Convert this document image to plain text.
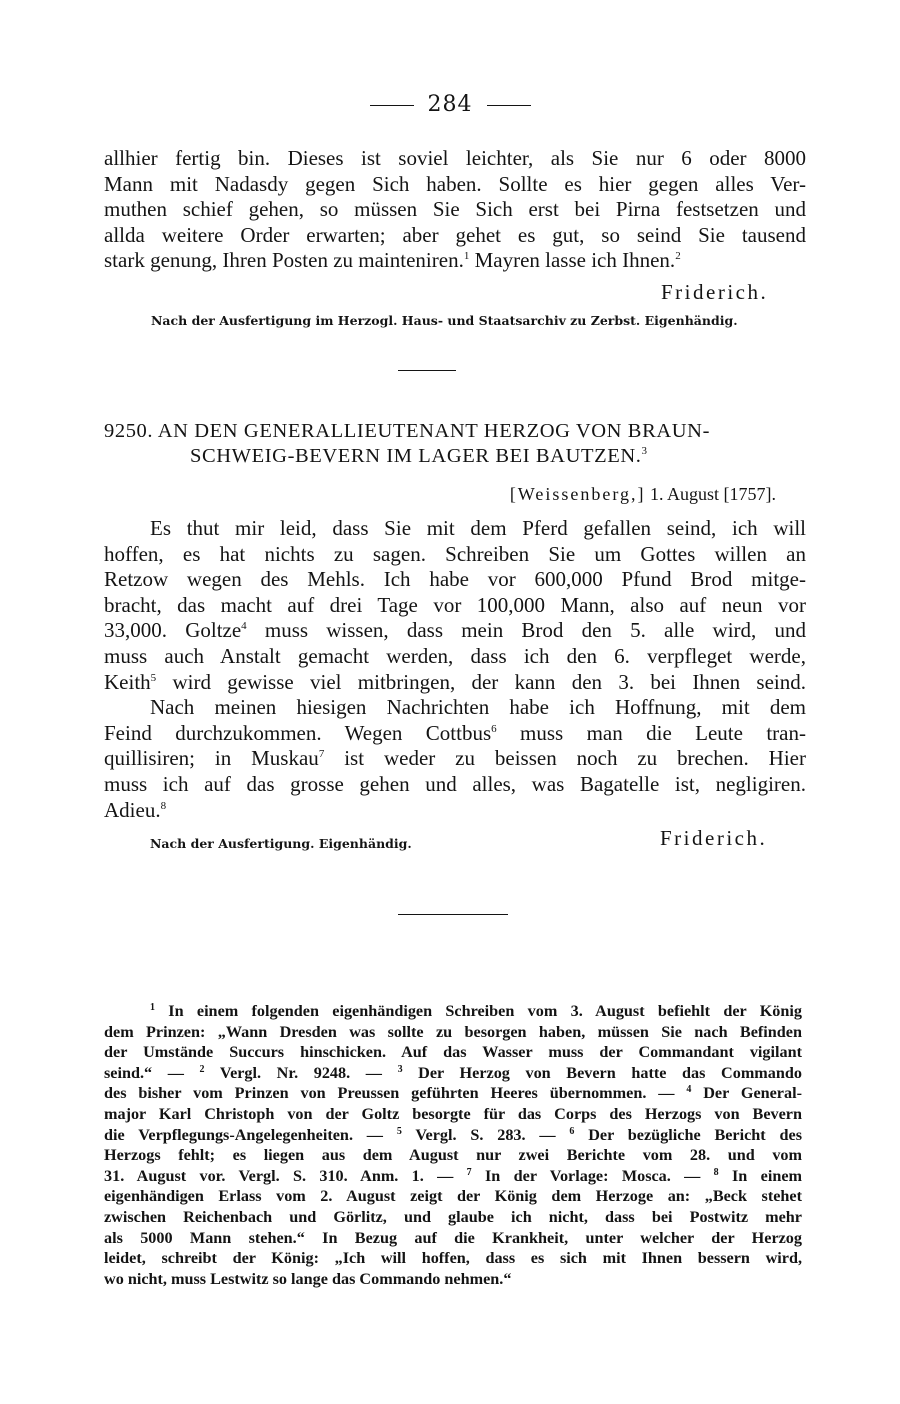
284
allhier fertig bin. Dieses ist soviel leichter, als Sie nur 6 oder 8000
Mann mit Nadasdy gegen Sich haben. Sollte es hier gegen alles Ver-
muthen schief gehen, so müssen Sie Sich erst bei Pirna festsetzen und
allda weitere Order erwarten; aber gehet es gut, so seind Sie tausend
stark genung, Ihren Posten zu mainteniren.$^1$ Mayren lasse ich Ihnen.$^2$
Friderich.
Nach der Ausfertigung im Herzogl. Haus- und Staatsarchiv zu Zerbst. Eigenhändig.
9250. AN DEN GENERALLIEUTENANT HERZOG VON BRAUN-
SCHWEIG-BEVERN IM LAGER BEI BAUTZEN.$^3$
[Weissenberg,] 1. August [1757].
Es thut mir leid, dass Sie mit dem Pferd gefallen seind, ich will
hoffen, es hat nichts zu sagen. Schreiben Sie um Gottes willen an
Retzow wegen des Mehls. Ich habe vor 600,000 Pfund Brod mitge-
bracht, das macht auf drei Tage vor 100,000 Mann, also auf neun vor
33,000. Goltze$^4$ muss wissen, dass mein Brod den 5. alle wird, und
muss auch Anstalt gemacht werden, dass ich den 6. verpfleget werde,
Keith$^5$ wird gewisse viel mitbringen, der kann den 3. bei Ihnen seind.
Nach meinen hiesigen Nachrichten habe ich Hoffnung, mit dem
Feind durchzukommen. Wegen Cottbus$^6$ muss man die Leute tran-
quillisiren; in Muskau$^7$ ist weder zu beissen noch zu brechen. Hier
muss ich auf das grosse gehen und alles, was Bagatelle ist, negligiren.
Adieu.$^8$
Nach der Ausfertigung. Eigenhändig.	Friderich.
$^1$ In einem folgenden eigenhändigen Schreiben vom 3. August befiehlt der König
dem Prinzen: „Wann Dresden was sollte zu besorgen haben, müssen Sie nach Befinden
der Umstände Succurs hinschicken. Auf das Wasser muss der Commandant vigilant
seind.“ — $^2$ Vergl. Nr. 9248. — $^3$ Der Herzog von Bevern hatte das Commando
des bisher vom Prinzen von Preussen geführten Heeres übernommen. — $^4$ Der General-
major Karl Christoph von der Goltz besorgte für das Corps des Herzogs von Bevern
die Verpflegungs-Angelegenheiten. — $^5$ Vergl. S. 283. — $^6$ Der bezügliche Bericht des
Herzogs fehlt; es liegen aus dem August nur zwei Berichte vom 28. und vom
31. August vor. Vergl. S. 310. Anm. 1. — $^7$ In der Vorlage: Mosca. — $^8$ In einem
eigenhändigen Erlass vom 2. August zeigt der König dem Herzoge an: „Beck stehet
zwischen Reichenbach und Görlitz, und glaube ich nicht, dass bei Postwitz mehr
als 5000 Mann stehen.“ In Bezug auf die Krankheit, unter welcher der Herzog
leidet, schreibt der König: „Ich will hoffen, dass es sich mit Ihnen bessern wird,
wo nicht, muss Lestwitz so lange das Commando nehmen.“
